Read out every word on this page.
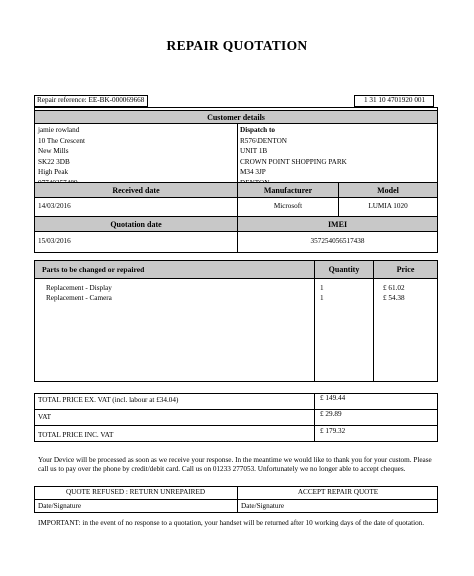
REPAIR QUOTATION
Repair reference: EE-BK-000069668	1 31 10 4701920 001
Customer details
jamie rowland
10 The Crescent
New Mills
SK22 3DB
High Peak
Dispatch to
R576\DENTON
UNIT 1B
CROWN POINT SHOPPING PARK
M34 3JP
Received date	Manufacturer	Model
14/03/2016	Microsoft	LUMIA 1020
Quotation date	IMEI
15/03/2016	357254056517438
Parts to be changed or repaired	Quantity	Price
Replacement - Display	1	£ 61.02
Replacement - Camera	1	£ 54.38
TOTAL PRICE EX. VAT (incl. labour at £34.04)	£ 149.44
VAT	£ 29.89
TOTAL PRICE INC. VAT	£ 179.32
Your Device will be processed as soon as we receive your response. In the meantime we would like to thank you for your custom. Please call us to pay over the phone by credit/debit card. Call us on 01233 277053. Unfortunately we no longer able to accept cheques.
QUOTE REFUSED : RETURN UNREPAIRED	ACCEPT REPAIR QUOTE
Date/Signature	Date/Signature
IMPORTANT: in the event of no response to a quotation, your handset will be returned after 10 working days of the date of quotation.
